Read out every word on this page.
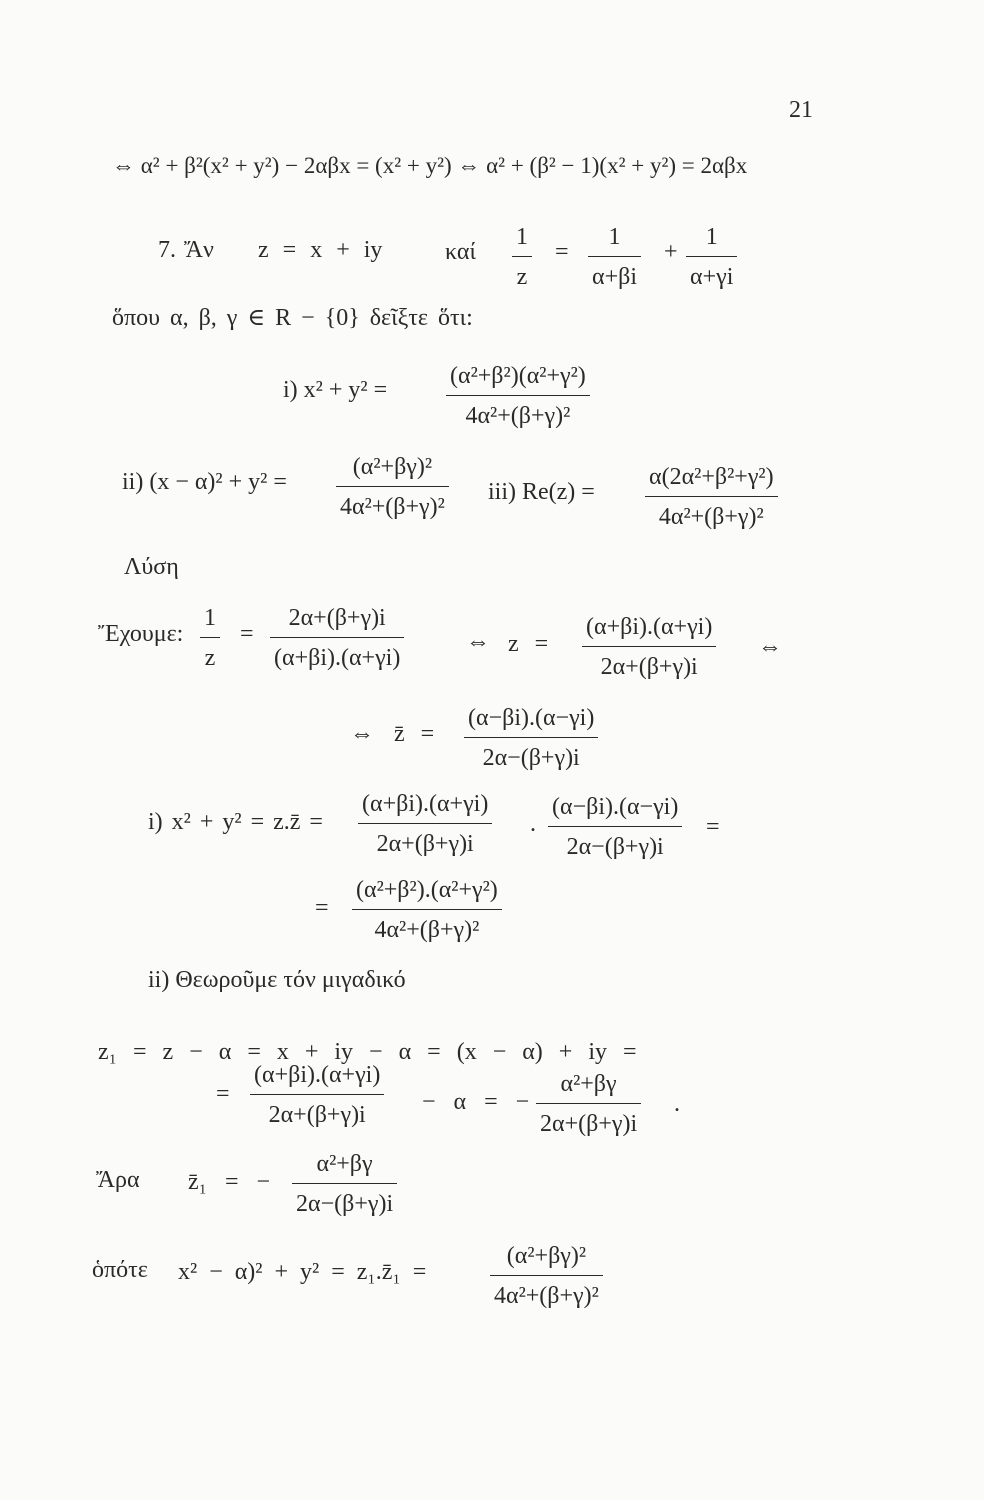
21
⇔ α² + β²(x² + y²) − 2αβx = (x² + y²) ⇔ α² + (β² − 1)(x² + y²) = 2αβx
7. Ἄν z = x + iy	καί
1
z
=
1
α+βi
+
1
α+γi
ὅπου α, β, γ ∈ R − {0} δεῖξτε ὅτι:
i) x² + y² =
(α²+β²)(α²+γ²)
4α²+(β+γ)²
ii) (x − α)² + y² =
(α²+βγ)²
4α²+(β+γ)²
iii) Re(z) =
α(2α²+β²+γ²)
4α²+(β+γ)²
Λύση
Ἔχουμε:
1
z
=
2α+(β+γ)i
(α+βi).(α+γi)
⇔ z =
(α+βi).(α+γi)
2α+(β+γ)i
⇔
⇔ z̄ =
(α−βi).(α−γi)
2α−(β+γ)i
i) x² + y² = z.z̄ =
(α+βi).(α+γi)
2α+(β+γ)i
.
(α−βi).(α−γi)
2α−(β+γ)i
=
=
(α²+β²).(α²+γ²)
4α²+(β+γ)²
ii) Θεωροῦμε τόν μιγαδικό
z₁ = z − α = x + iy − α = (x − α) + iy =
=
(α+βi).(α+γi)
2α+(β+γ)i − α = −
α²+βγ
2α+(β+γ)i
.
Ἄρα z̄₁ = −
α²+βγ
2α−(β+γ)i
ὁπότε x² − α)² + y² = z₁.z̄₁ =
(α²+βγ)²
4α²+(β+γ)²
